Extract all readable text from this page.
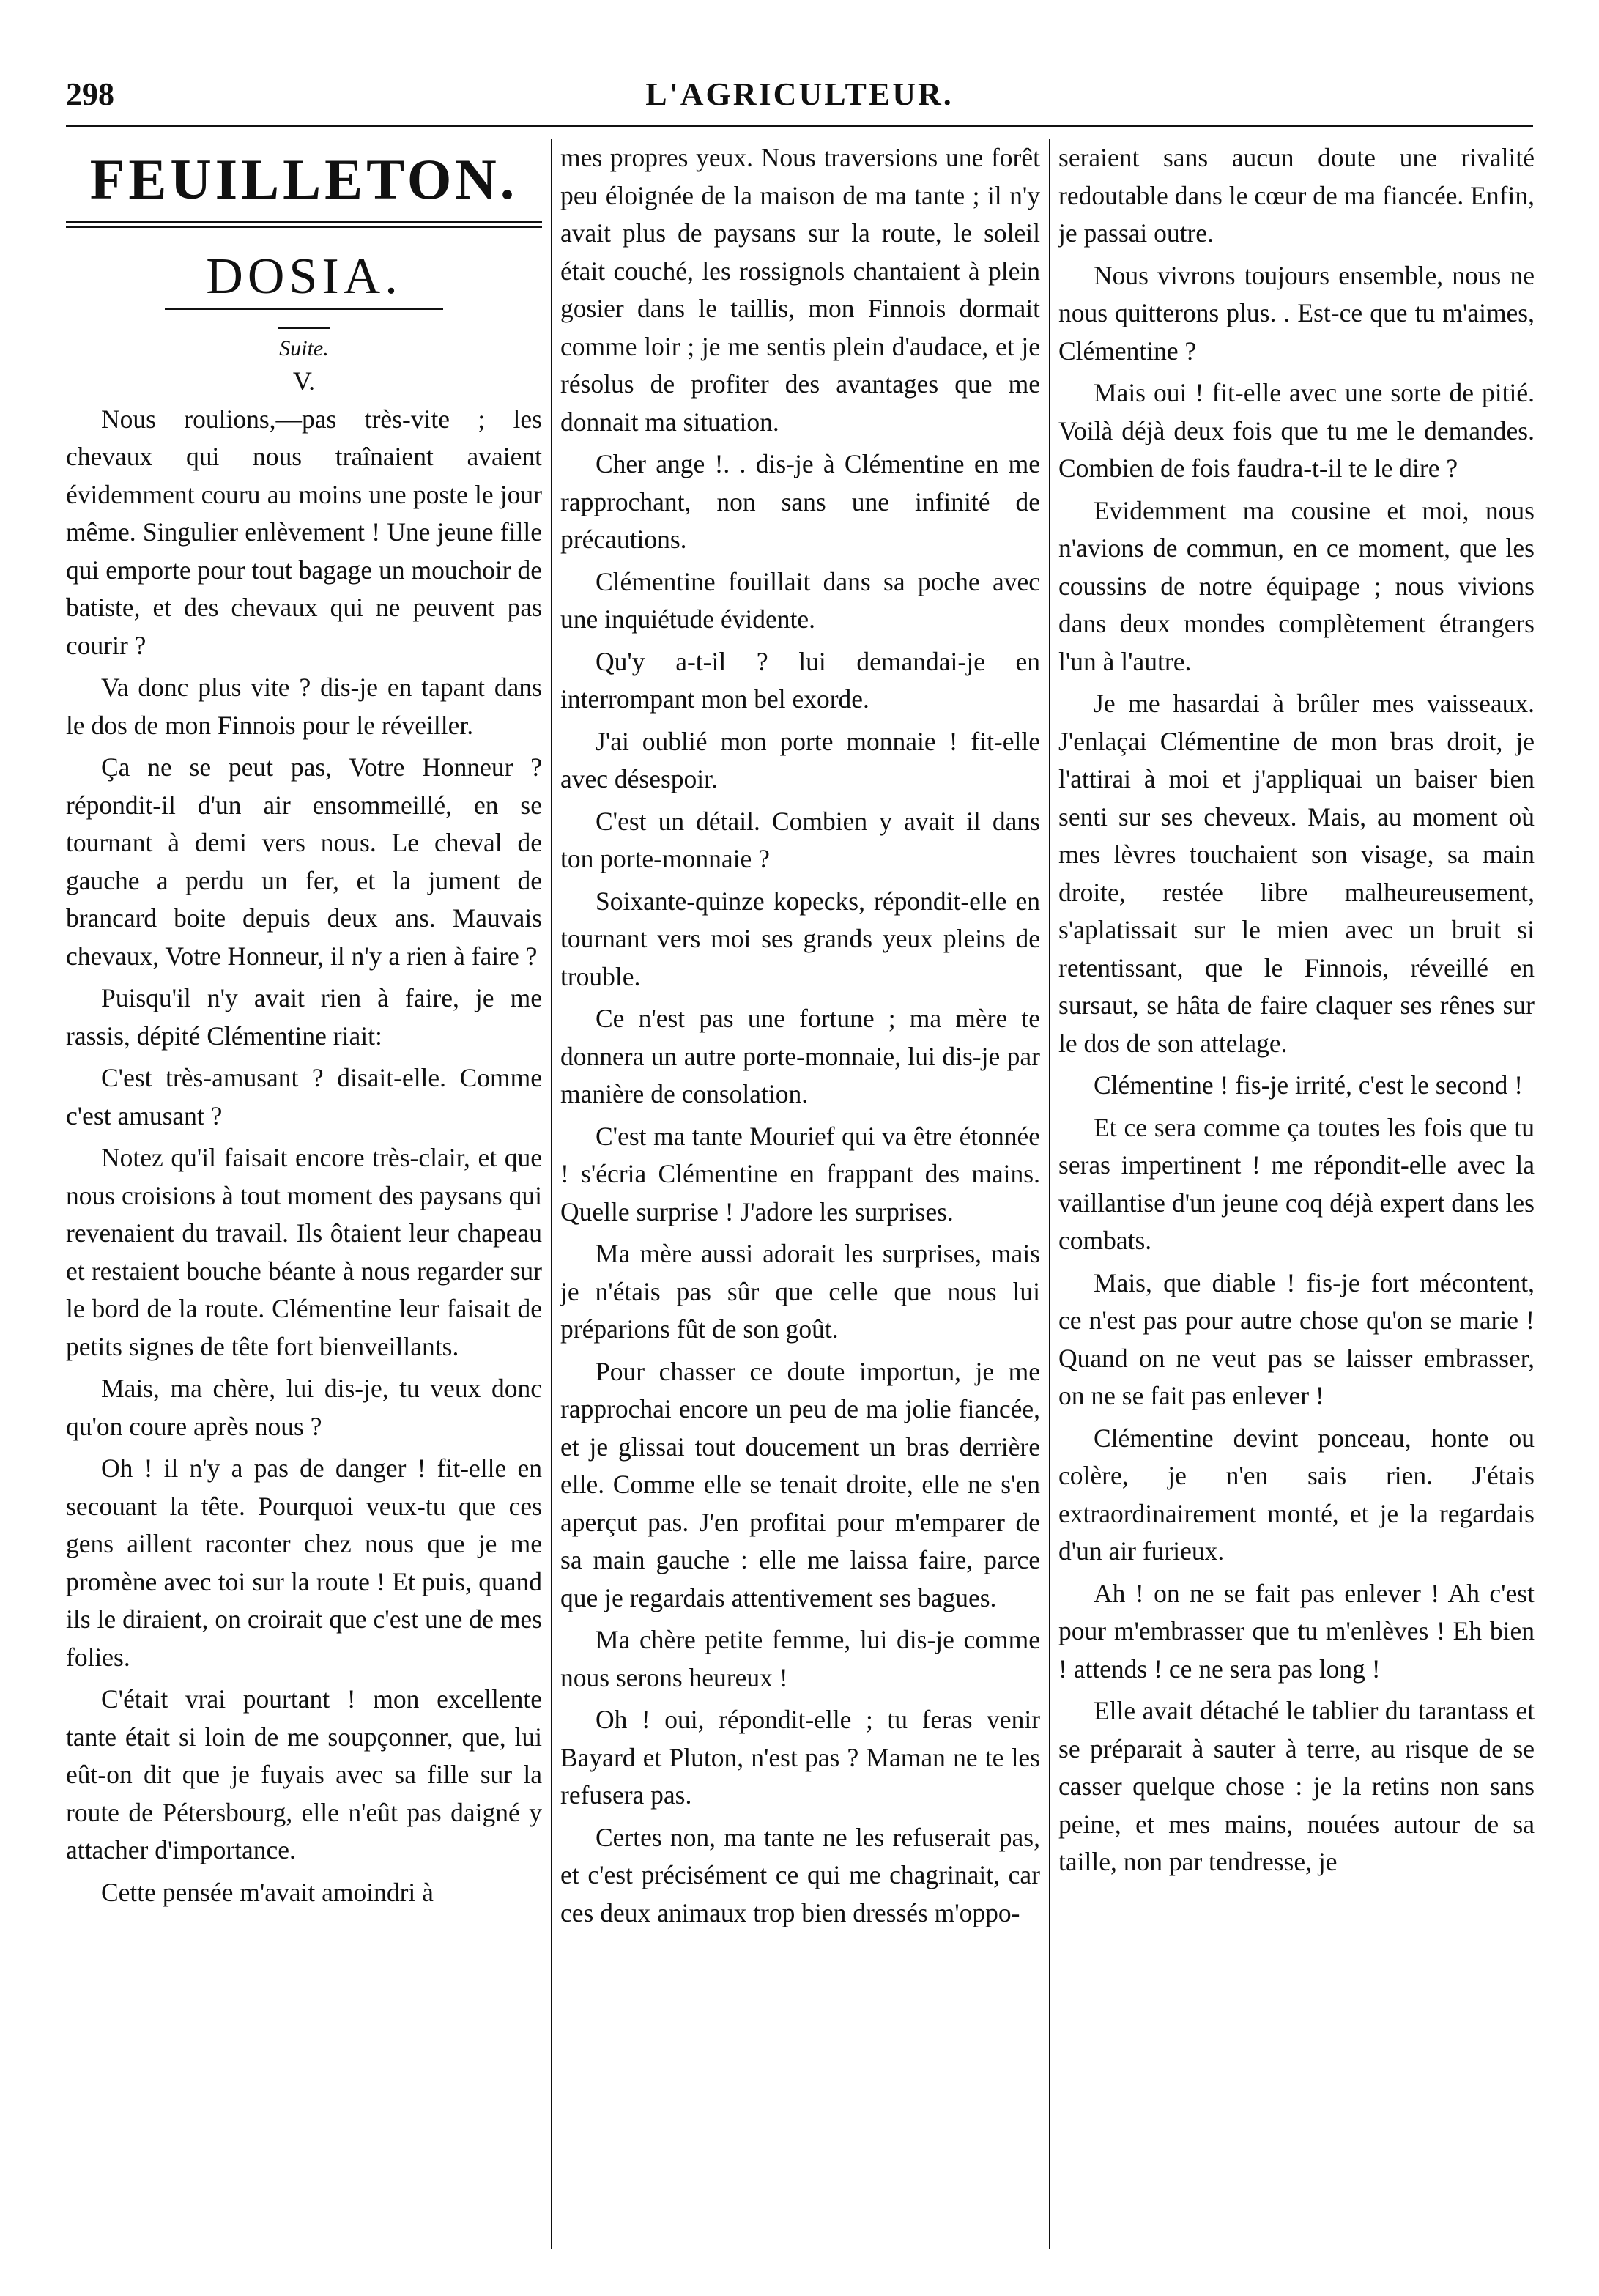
298	L'AGRICULTEUR.
FEUILLETON.
DOSIA.
Suite.
V.

Nous roulions,—pas très-vite ; les chevaux qui nous traînaient avaient évidemment couru au moins une poste le jour même. Singulier enlèvement ! Une jeune fille qui emporte pour tout bagage un mouchoir de batiste, et des chevaux qui ne peuvent pas courir ?

Va donc plus vite ? dis-je en tapant dans le dos de mon Finnois pour le réveiller.

Ça ne se peut pas, Votre Honneur ? répondit-il d'un air ensommeillé, en se tournant à demi vers nous. Le cheval de gauche a perdu un fer, et la jument de brancard boite depuis deux ans. Mauvais chevaux, Votre Honneur, il n'y a rien à faire ?

Puisqu'il n'y avait rien à faire, je me rassis, dépité Clémentine riait:

C'est très-amusant ? disait-elle. Comme c'est amusant ?

Notez qu'il faisait encore très-clair, et que nous croisions à tout moment des paysans qui revenaient du travail. Ils ôtaient leur chapeau et restaient bouche béante à nous regarder sur le bord de la route. Clémentine leur faisait de petits signes de tête fort bienveillants.

Mais, ma chère, lui dis-je, tu veux donc qu'on coure après nous ?

Oh ! il n'y a pas de danger ! fit-elle en secouant la tête. Pourquoi veux-tu que ces gens aillent raconter chez nous que je me promène avec toi sur la route ! Et puis, quand ils le diraient, on croirait que c'est une de mes folies.

C'était vrai pourtant ! mon excellente tante était si loin de me soupçonner, que, lui eût-on dit que je fuyais avec sa fille sur la route de Pétersbourg, elle n'eût pas daigné y attacher d'importance.

Cette pensée m'avait amoindri à

mes propres yeux. Nous traversions une forêt peu éloignée de la maison de ma tante ; il n'y avait plus de paysans sur la route, le soleil était couché, les rossignols chantaient à plein gosier dans le taillis, mon Finnois dormait comme loir ; je me sentis plein d'audace, et je résolus de profiter des avantages que me donnait ma situation.

Cher ange !. . dis-je à Clémentine en me rapprochant, non sans une infinité de précautions.

Clémentine fouillait dans sa poche avec une inquiétude évidente.

Qu'y a-t-il ? lui demandai-je en interrompant mon bel exorde.

J'ai oublié mon porte monnaie ! fit-elle avec désespoir.

C'est un détail. Combien y avait il dans ton porte-monnaie ?

Soixante-quinze kopecks, répondit-elle en tournant vers moi ses grands yeux pleins de trouble.

Ce n'est pas une fortune ; ma mère te donnera un autre porte-monnaie, lui dis-je par manière de consolation.

C'est ma tante Mourief qui va être étonnée ! s'écria Clémentine en frappant des mains. Quelle surprise ! J'adore les surprises.

Ma mère aussi adorait les surprises, mais je n'étais pas sûr que celle que nous lui préparions fût de son goût.

Pour chasser ce doute importun, je me rapprochai encore un peu de ma jolie fiancée, et je glissai tout doucement un bras derrière elle. Comme elle se tenait droite, elle ne s'en aperçut pas. J'en profitai pour m'emparer de sa main gauche : elle me laissa faire, parce que je regardais attentivement ses bagues.

Ma chère petite femme, lui dis-je comme nous serons heureux !

Oh ! oui, répondit-elle ; tu feras venir Bayard et Pluton, n'est pas ? Maman ne te les refusera pas.

Certes non, ma tante ne les refuserait pas, et c'est précisément ce qui me chagrinait, car ces deux animaux trop bien dressés m'oppo-

seraient sans aucun doute une rivalité redoutable dans le cœur de ma fiancée. Enfin, je passai outre.

Nous vivrons toujours ensemble, nous ne nous quitterons plus. . Est-ce que tu m'aimes, Clémentine ?

Mais oui ! fit-elle avec une sorte de pitié. Voilà déjà deux fois que tu me le demandes. Combien de fois faudra-t-il te le dire ?

Evidemment ma cousine et moi, nous n'avions de commun, en ce moment, que les coussins de notre équipage ; nous vivions dans deux mondes complètement étrangers l'un à l'autre.

Je me hasardai à brûler mes vaisseaux. J'enlaçai Clémentine de mon bras droit, je l'attirai à moi et j'appliquai un baiser bien senti sur ses cheveux. Mais, au moment où mes lèvres touchaient son visage, sa main droite, restée libre malheureusement, s'aplatissait sur le mien avec un bruit si retentissant, que le Finnois, réveillé en sursaut, se hâta de faire claquer ses rênes sur le dos de son attelage.

Clémentine ! fis-je irrité, c'est le second !

Et ce sera comme ça toutes les fois que tu seras impertinent ! me répondit-elle avec la vaillantise d'un jeune coq déjà expert dans les combats.

Mais, que diable ! fis-je fort mécontent, ce n'est pas pour autre chose qu'on se marie ! Quand on ne veut pas se laisser embrasser, on ne se fait pas enlever !

Clémentine devint ponceau, honte ou colère, je n'en sais rien. J'étais extraordinairement monté, et je la regardais d'un air furieux.

Ah ! on ne se fait pas enlever ! Ah c'est pour m'embrasser que tu m'enlèves ! Eh bien ! attends ! ce ne sera pas long !

Elle avait détaché le tablier du tarantass et se préparait à sauter à terre, au risque de se casser quelque chose : je la retins non sans peine, et mes mains, nouées autour de sa taille, non par tendresse, je
